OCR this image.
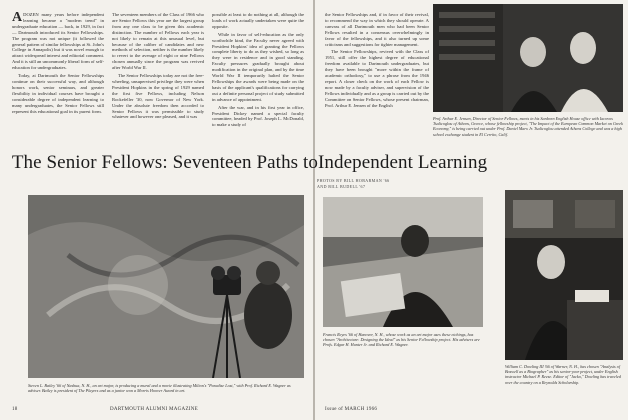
ADOZEN many years before independent learning became a "modern trend" in undergraduate education — back, in 1929, in fact — Dartmouth introduced its Senior Fellowships. The program was not unique (it followed the general pattern of similar fellowships at St. John's College in Annapolis) but it was novel enough to attract widespread interest and editorial comment. And it is still an uncommonly liberal form of self-education for undergraduates.

Today, at Dartmouth the Senior Fellowships continue on their successful way, and although honors work, senior seminars, and greater flexibility in individual courses have brought a considerable degree of independent learning to many undergraduates, the Senior Fellows still represent this educational goal in its purest form.

The seventeen members of the Class of 1966 who are Senior Fellows this year are the largest group from any one class to be given this academic distinction. The number of Fellows each year is not likely to remain at this unusual level, but because of the caliber of candidates and new methods of selection, neither is the number likely to revert to the average of eight or nine Fellows chosen annually since the program was revived after World War II.

The Senior Fellowships today are not the free-wheeling, unsupervised privilege they were when President Hopkins in the spring of 1929 named the first five Fellows, including Nelson Rockefeller '30, now Governor of New York. Under the absolute freedom then accorded to Senior Fellows it was permissible to study whatever and however one pleased, and it was

possible at least to do nothing at all, although the loads of work actually undertaken were quite the opposite.

While in favor of self-education as the only worthwhile kind, the Faculty never agreed with President Hopkins' idea of granting the Fellows complete liberty to do as they wished, so long as they were in residence and in good standing. Faculty pressures gradually brought about modification in the original plan, and by the time World War II temporarily halted the Senior Fellowships the awards were being made on the basis of the applicant's qualifications for carrying out a definite personal project of study submitted in advance of appointment.

After the war, and in his first year in office, President Dickey named a special faculty committee, headed by Prof. Joseph L. McDonald, to make a study of

Steven L. Bailey '66 of Nashua, N. H., an art major, is producing a mural and a movie illustrating Milton's "Paradise Lost," with Prof. Richard E. Wagner as adviser. Bailey is president of The Players and as a junior won a Morris Hoover Award in art.
18	DARTMOUTH ALUMNI MAGAZINE

the Senior Fellowships and, if in favor of their revival, to recommend the way in which they should operate. A canvass of all Dartmouth men who had been Senior Fellows resulted in a consensus overwhelmingly in favor of the fellowships, and it also turned up some criticisms and suggestions for tighter management.

The Senior Fellowships, revived with the Class of 1951, still offer the highest degree of educational freedom available to Dartmouth undergraduates, but they have been brought "more within the frame of academic orthodoxy," to use a phrase from the 1946 report. A closer check on the work of each Fellow is now made by a faculty adviser, and supervision of the Fellows individually and as a group is carried out by the Committee on Senior Fellows, whose present chairman, Prof. Arthur E. Jensen of the English

Prof. Arthur E. Jensen, Director of Senior Fellows, meets in his Sanborn English House office with Iacovos Tsalicoglou of Athens, Greece, whose fellowship project, "The Impact of the European Common Market on Greek Economy," is being carried out under Prof. Daniel Marx Jr. Tsalicoglou attended Athens College and was a high school exchange student in El Cerrito, Calif.
PHOTOS BY BILL HOBARMAN '66
AND BILL BUDELL '67
Francis Reyes '66 of Hanover, N. H., whose work as an art major uses these etchings, has chosen "Architecture: Designing the Ideal" as his Senior Fellowship project. His advisers are Profs. Edgar H. Hunter Jr. and Richard E. Wagner.
William C. Dowling III '66 of Warner, N. H., has chosen "Analysis of Boswell as a Biographer" as his senior-year project, under English instructor Michael P. Reese. Editor of "Jacko," Dowling has traveled over the country on a Reynolds Scholarship.
Issue of MARCH 1966
The Senior Fellows: Seventeen Paths to Independent Learning
